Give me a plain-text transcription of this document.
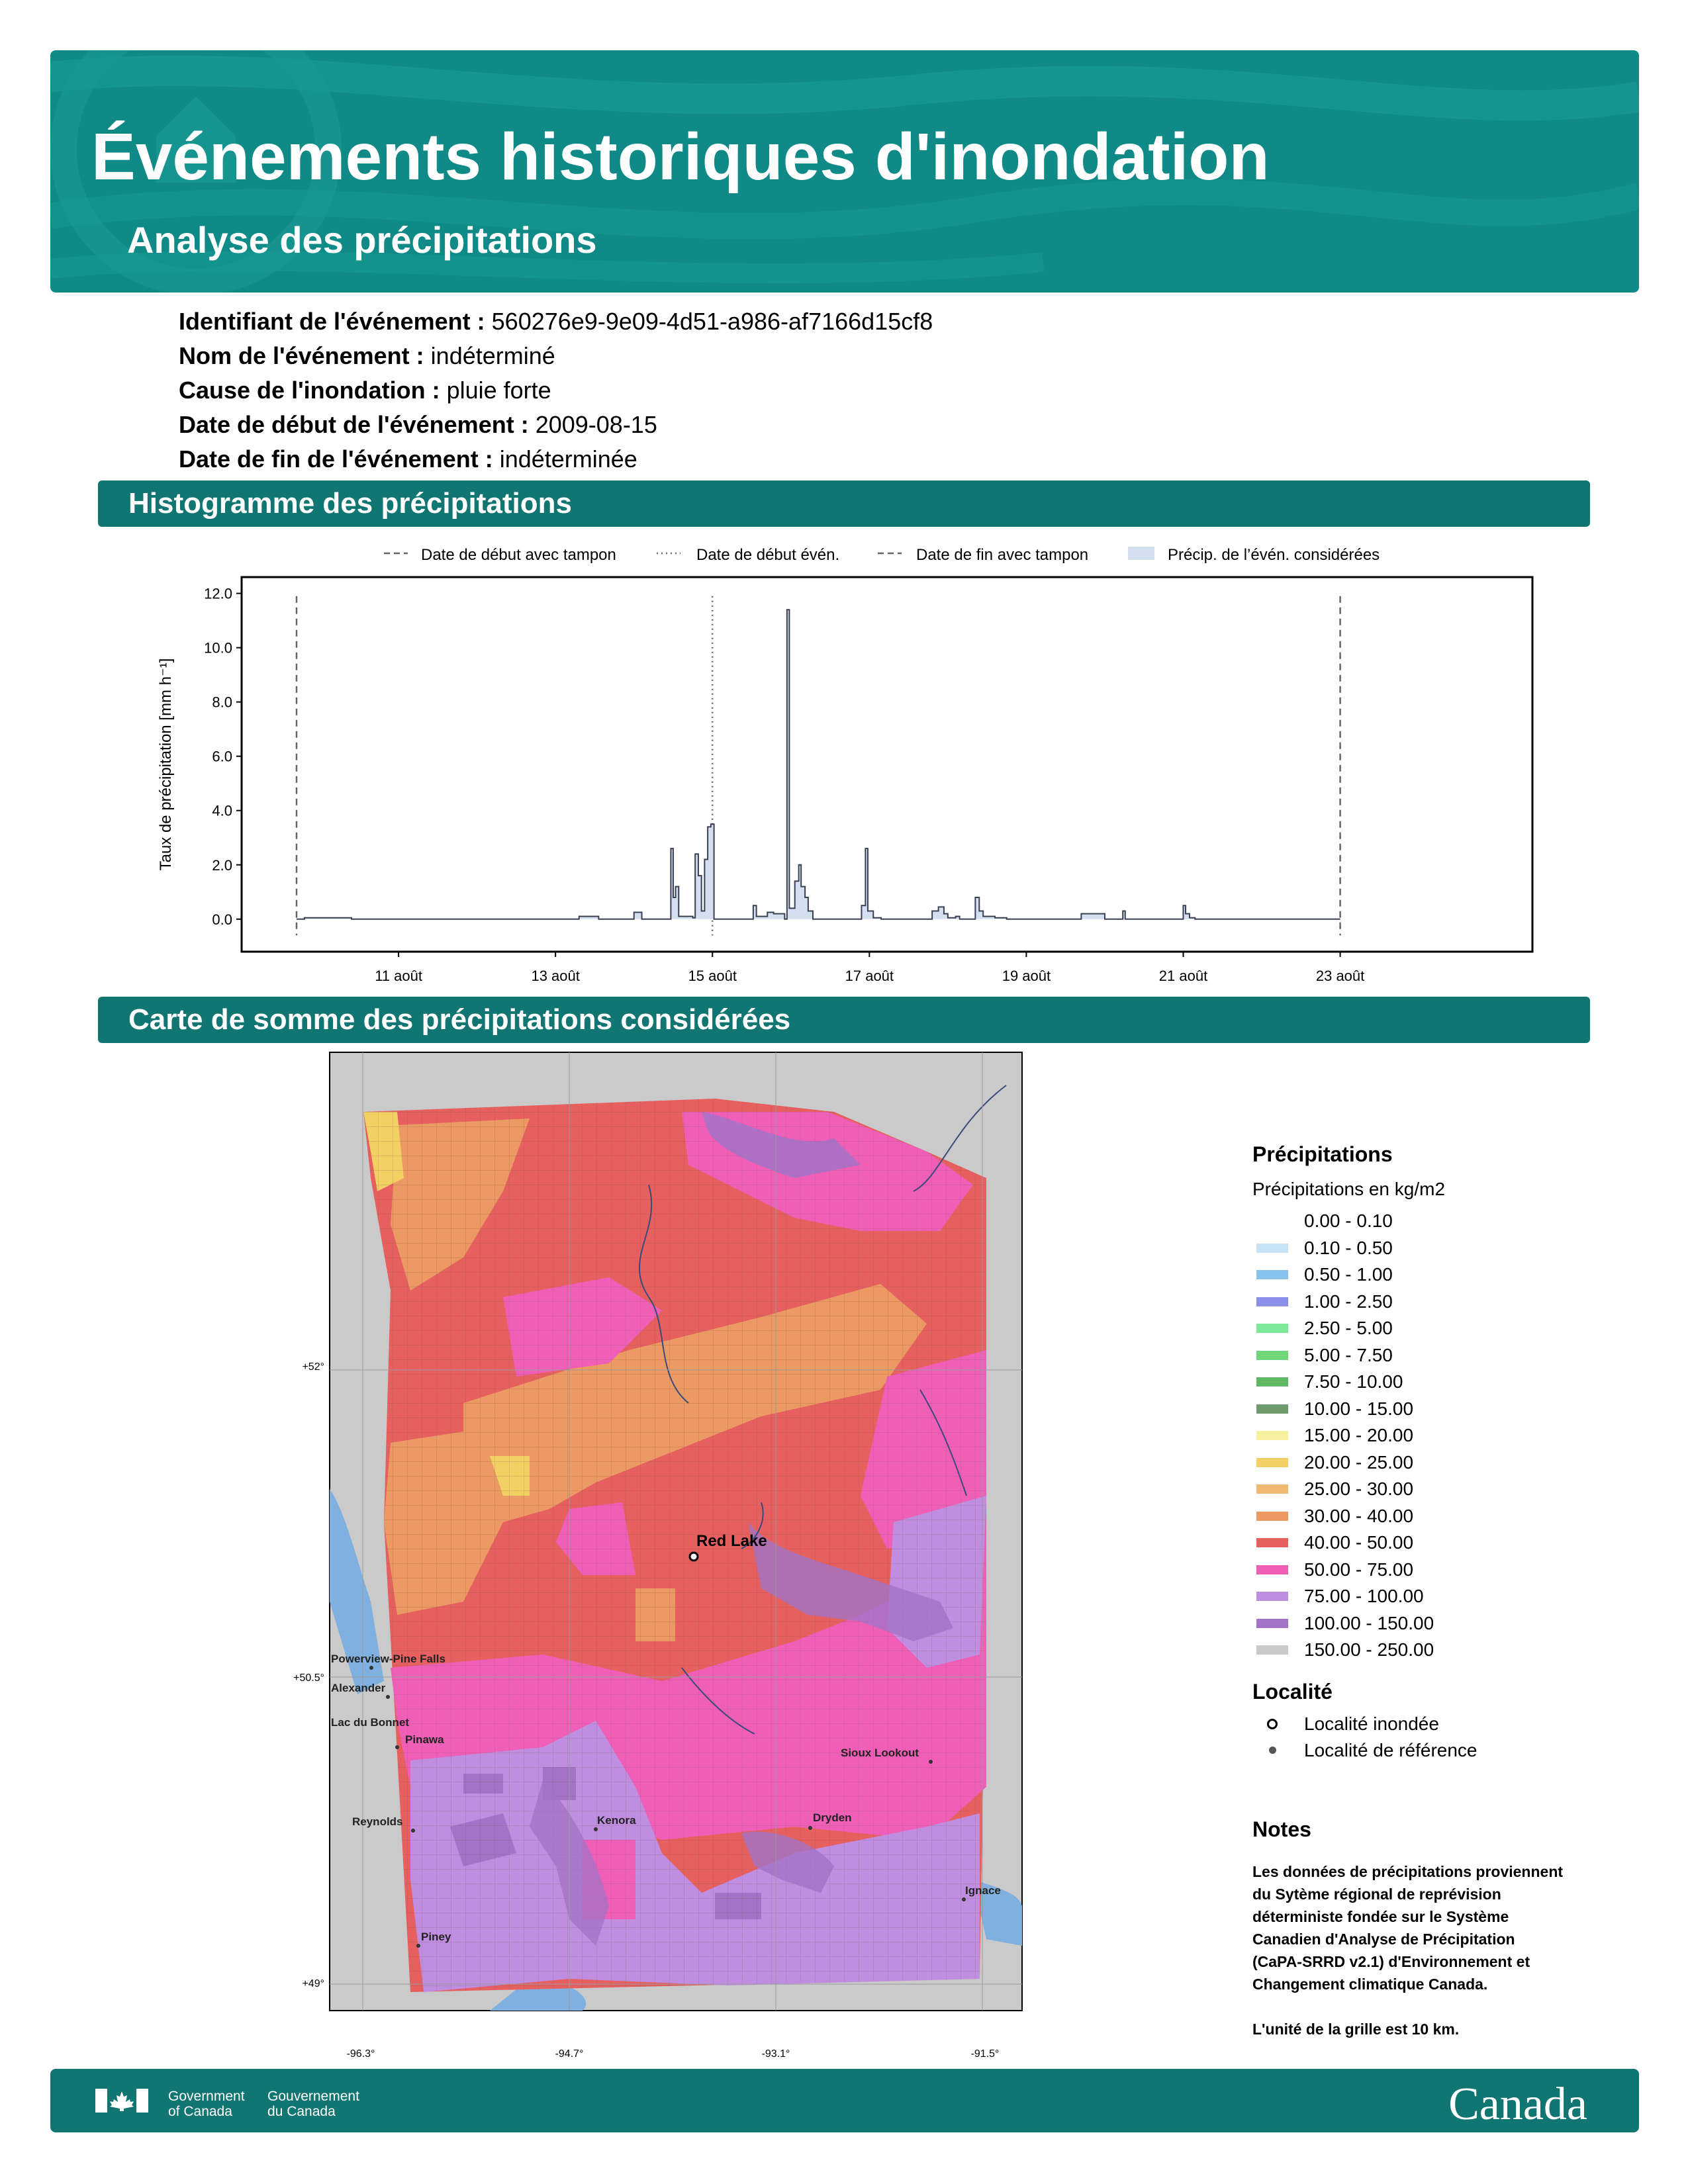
Événements historiques d'inondation
Analyse des précipitations
Identifiant de l'événement : 560276e9-9e09-4d51-a986-af7166d15cf8
Nom de l'événement : indéterminé
Cause de l'inondation : pluie forte
Date de début de l'événement : 2009-08-15
Date de fin de l'événement : indéterminée
Histogramme des précipitations
Date de début avec tampon	Date de début évén.	Date de fin avec tampon	Précip. de l’évén. considérées
Taux de précipitation [mm h⁻¹]
0.0
2.0
4.0
6.0
8.0
10.0
12.0
11 août	13 août	15 août	17 août	19 août	21 août	23 août
Carte de somme des précipitations considérées
+52°
+50.5°
+49°
-96.3°	-94.7°	-93.1°	-91.5°
Red Lake
Powerview-Pine Falls
Alexander
Lac du Bonnet
Pinawa
Reynolds	Kenora	Dryden
Sioux Lookout
Ignace
Piney
Précipitations
Précipitations en kg/m2
0.00 - 0.10
0.10 - 0.50
0.50 - 1.00
1.00 - 2.50
2.50 - 5.00
5.00 - 7.50
7.50 - 10.00
10.00 - 15.00
15.00 - 20.00
20.00 - 25.00
25.00 - 30.00
30.00 - 40.00
40.00 - 50.00
50.00 - 75.00
75.00 - 100.00
100.00 - 150.00
150.00 - 250.00
Localité
Localité inondée
Localité de référence
Notes

Les données de précipitations proviennent

du Sytème régional de reprévision

déterministe fondée sur le Système

Canadien d'Analyse de Précipitation

(CaPA-SRRD v2.1) d'Environnement et

Changement climatique Canada.

L'unité de la grille est 10 km.

Government
of Canada
Gouvernement
du Canada	Canada
